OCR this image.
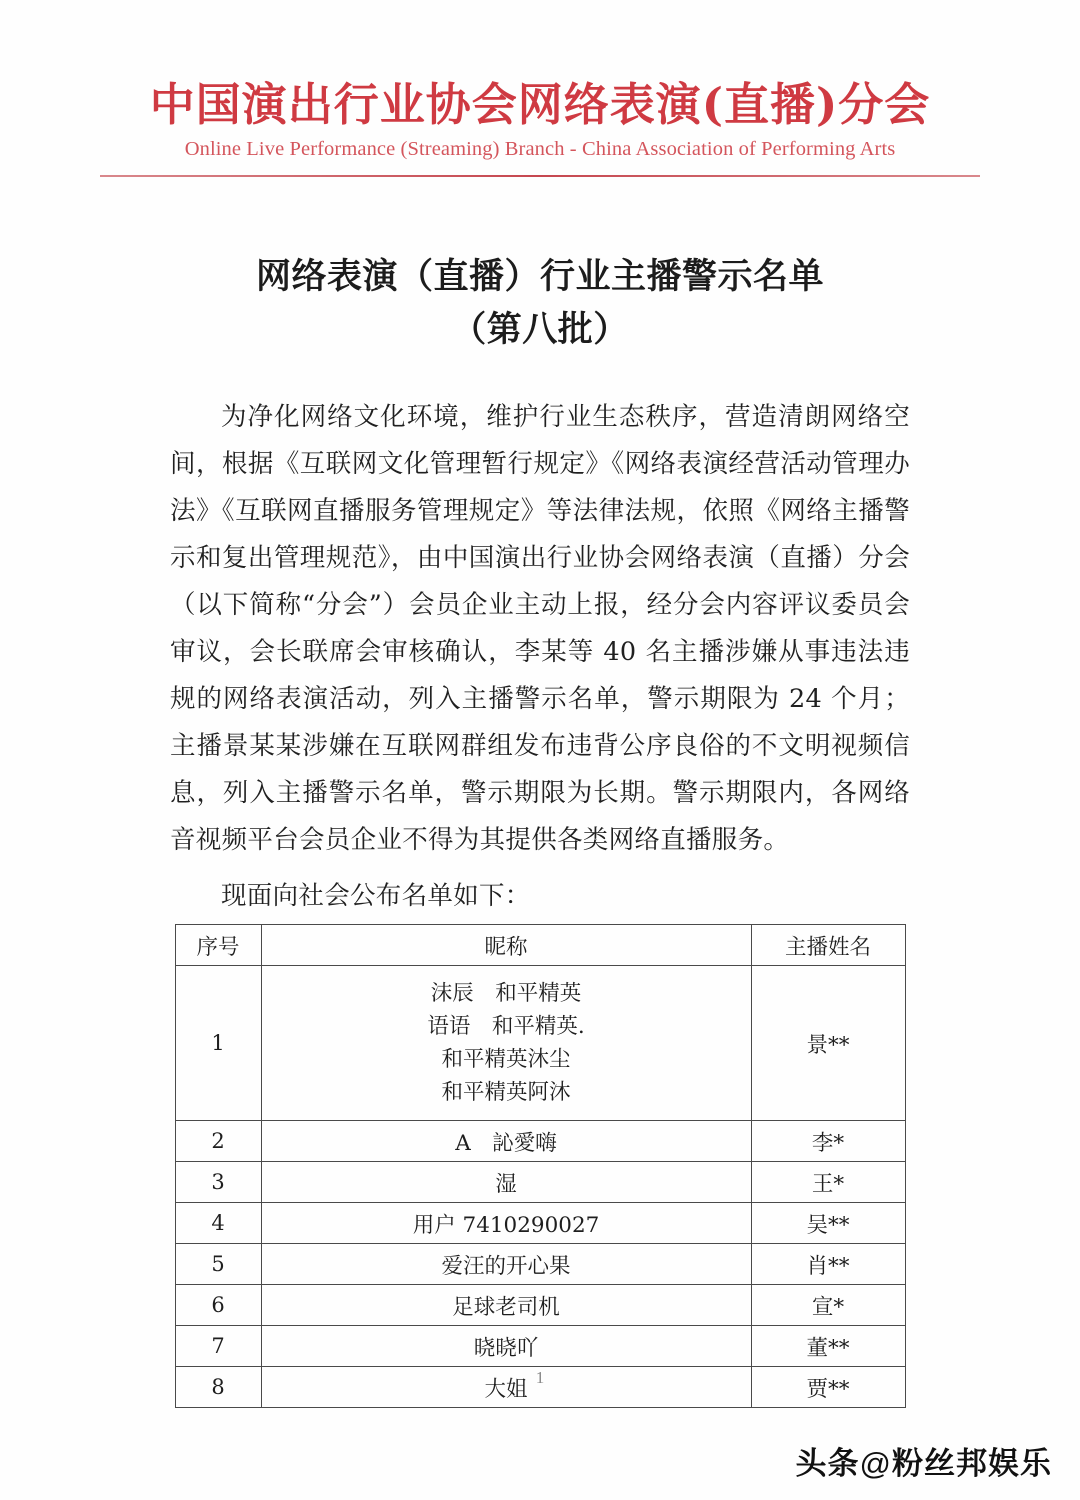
中国演出行业协会网络表演(直播)分会
Online Live Performance (Streaming) Branch - China Association of Performing Arts
网络表演（直播）行业主播警示名单
（第八批）

为净化网络文化环境，维护行业生态秩序，营造清朗网络空间，根据《互联网文化管理暂行规定》《网络表演经营活动管理办法》《互联网直播服务管理规定》等法律法规，依照《网络主播警示和复出管理规范》，由中国演出行业协会网络表演（直播）分会（以下简称“分会”）会员企业主动上报，经分会内容评议委员会审议，会长联席会审核确认，李某等 40 名主播涉嫌从事违法违规的网络表演活动，列入主播警示名单，警示期限为 24 个月；主播景某某涉嫌在互联网群组发布违背公序良俗的不文明视频信息，列入主播警示名单，警示期限为长期。警示期限内，各网络音视频平台会员企业不得为其提供各类网络直播服务。

现面向社会公布名单如下：
序号	昵称	主播姓名
1	沫辰　和平精英
语语　和平精英.
和平精英沐尘
和平精英阿沐	景**
2	A　訫愛嗨	李*
3	湿	王*
4	用户 7410290027	吴**
5	爱汪的开心果	肖**
6	足球老司机	宣*
7	晓晓吖	董**
8	大姐	贾**
1
头条@粉丝邦娱乐
